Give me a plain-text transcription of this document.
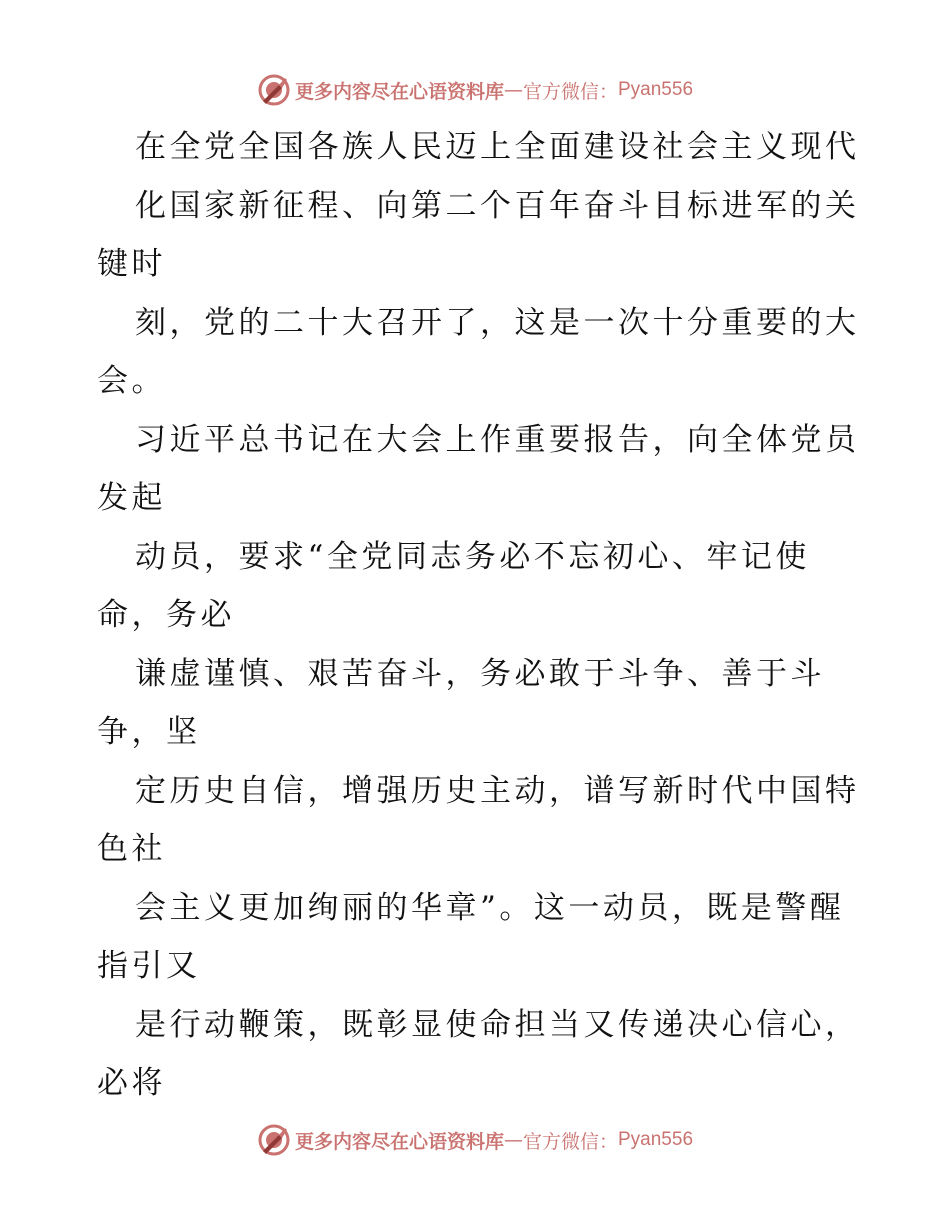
更多内容尽在心语资料库 — 官方微信： Pyan556
在全党全国各族人民迈上全面建设社会主义现代
化国家新征程、向第二个百年奋斗目标进军的关
键时
刻，党的二十大召开了，这是一次十分重要的大
会。
习近平总书记在大会上作重要报告，向全体党员
发起
动员，要求“全党同志务必不忘初心、牢记使
命，务必
谦虚谨慎、艰苦奋斗，务必敢于斗争、善于斗
争，坚
定历史自信，增强历史主动，谱写新时代中国特
色社
会主义更加绚丽的华章”。这一动员，既是警醒
指引又
是行动鞭策，既彰显使命担当又传递决心信心，
必将
更多内容尽在心语资料库 — 官方微信： Pyan556
